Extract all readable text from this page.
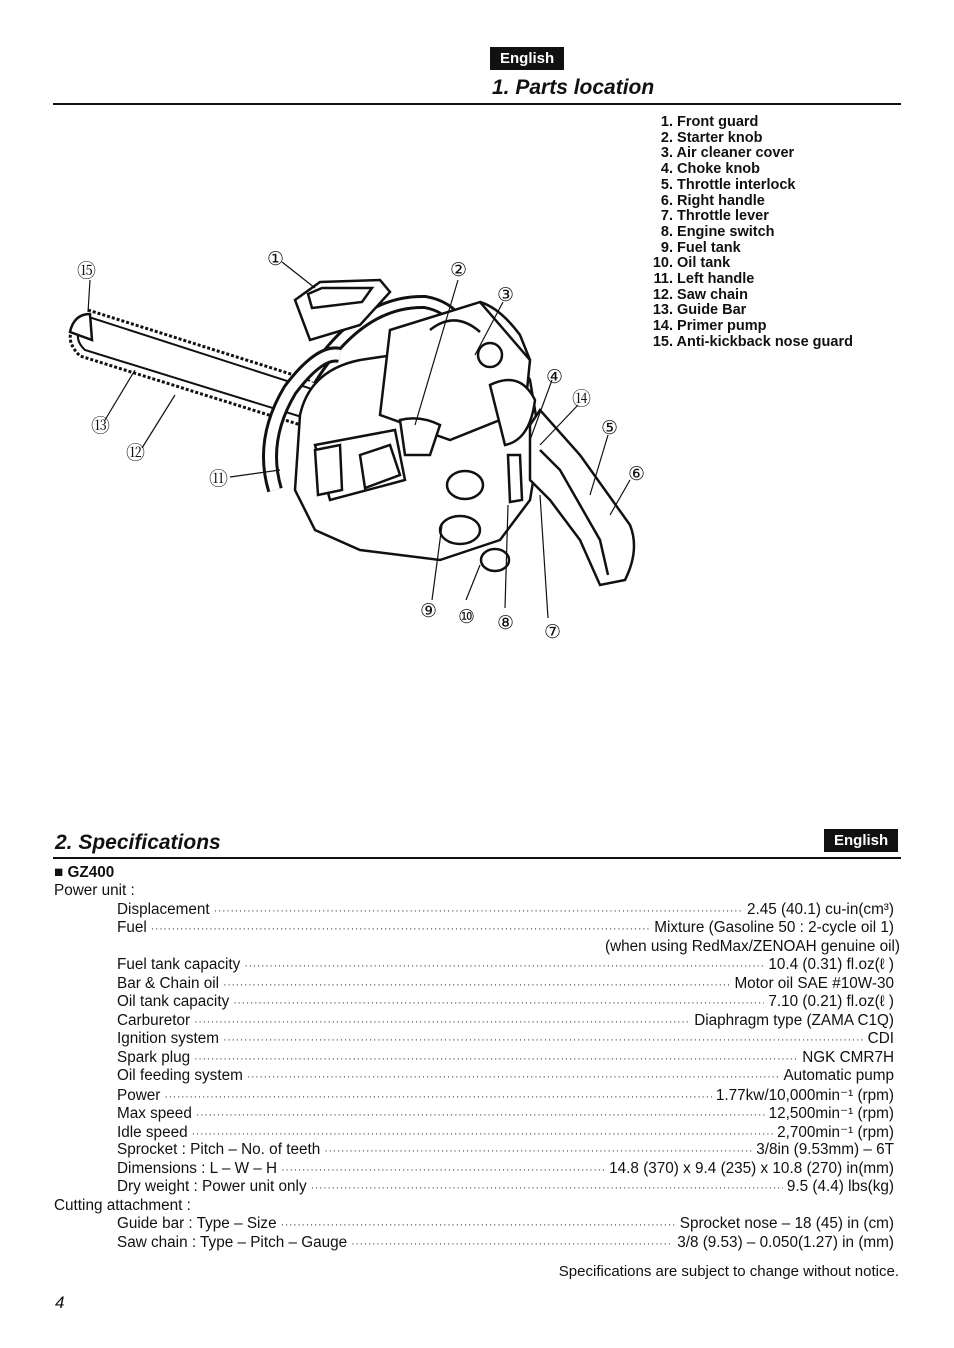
English
1. Parts location
1. Front guard
2. Starter knob
3. Air cleaner cover
4. Choke knob
5. Throttle interlock
6. Right handle
7. Throttle lever
8. Engine switch
9. Fuel tank
10. Oil tank
11. Left handle
12. Saw chain
13. Guide Bar
14. Primer pump
15. Anti-kickback nose guard
①
②
③
④
⑤
⑥
⑦
⑧
⑨ ⑩
⑪
⑫
⑬
⑭
⑮
2. Specifications	English
■ GZ400
Power unit :
Displacement ·····	2.45 (40.1) cu-in(cm³)
Fuel ·····	Mixture (Gasoline 50 : 2-cycle oil 1)
(when using RedMax/ZENOAH genuine oil)
Fuel tank capacity ·····	10.4 (0.31) fl.oz(ℓ )
Bar & Chain oil ·····	Motor oil SAE #10W-30
Oil tank capacity ·····	7.10 (0.21) fl.oz(ℓ )
Carburetor ·····	Diaphragm type (ZAMA C1Q)
Ignition system ·····	CDI
Spark plug ·····	NGK CMR7H
Oil feeding system ·····	Automatic pump
Power ·····	1.77kw/10,000min⁻¹ (rpm)
Max speed ·····	12,500min⁻¹ (rpm)
Idle speed ·····	2,700min⁻¹ (rpm)
Sprocket : Pitch – No. of teeth ·····	3/8in (9.53mm) – 6T
Dimensions : L – W – H ·····	14.8 (370) x 9.4 (235) x 10.8 (270) in(mm)
Dry weight : Power unit only ·····	9.5 (4.4) lbs(kg)
Cutting attachment :
Guide bar : Type – Size ·····	Sprocket nose – 18 (45) in (cm)
Saw chain : Type – Pitch – Gauge ·····	3/8 (9.53) – 0.050(1.27) in (mm)
Specifications are subject to change without notice.
4
